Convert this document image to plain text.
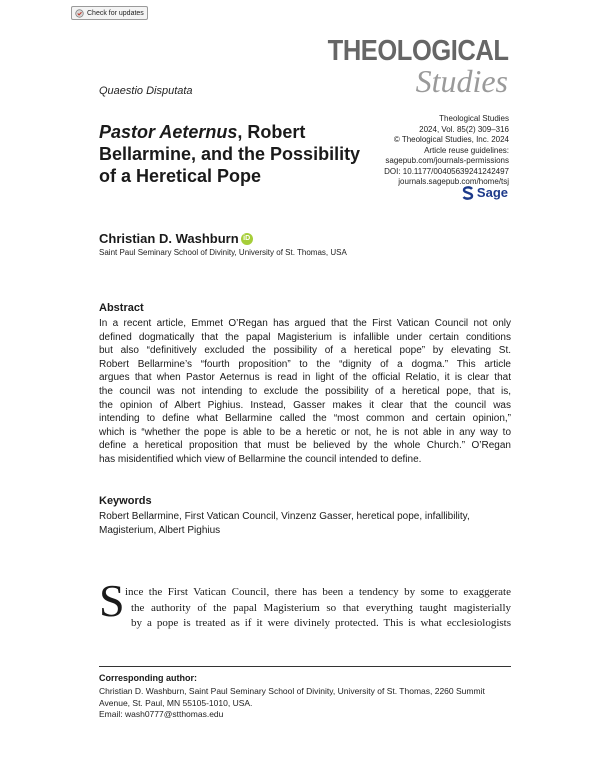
Check for updates
THEOLOGICAL
Studies
Quaestio Disputata
Pastor Aeternus, Robert
Bellarmine, and the Possibility
of a Heretical Pope
Theological Studies
2024, Vol. 85(2) 309–316
© Theological Studies, Inc. 2024
Article reuse guidelines:
sagepub.com/journals-permissions
DOI: 10.1177/00405639241242497
journals.sagepub.com/home/tsj
Sage
Christian D. Washburn iD
Saint Paul Seminary School of Divinity, University of St. Thomas, USA
Abstract
In a recent article, Emmet O’Regan has argued that the First Vatican Council not only
defined dogmatically that the papal Magisterium is infallible under certain conditions
but also “definitively excluded the possibility of a heretical pope” by elevating St.
Robert Bellarmine’s “fourth proposition” to the “dignity of a dogma.” This article
argues that when Pastor Aeternus is read in light of the official Relatio, it is clear that
the council was not intending to exclude the possibility of a heretical pope, that is,
the opinion of Albert Pighius. Instead, Gasser makes it clear that the council was
intending to define what Bellarmine called the “most common and certain opinion,”
which is “whether the pope is able to be a heretic or not, he is not able in any way to
define a heretical proposition that must be believed by the whole Church.” O’Regan
has misidentified which view of Bellarmine the council intended to define.
Keywords
Robert Bellarmine, First Vatican Council, Vinzenz Gasser, heretical pope, infallibility,
Magisterium, Albert Pighius
S ince the First Vatican Council, there has been a tendency by some to exaggerate
the authority of the papal Magisterium so that everything taught magisterially
by a pope is treated as if it were divinely protected. This is what ecclesiologists
Corresponding author:
Christian D. Washburn, Saint Paul Seminary School of Divinity, University of St. Thomas, 2260 Summit
Avenue, St. Paul, MN 55105-1010, USA.
Email: wash0777@stthomas.edu
